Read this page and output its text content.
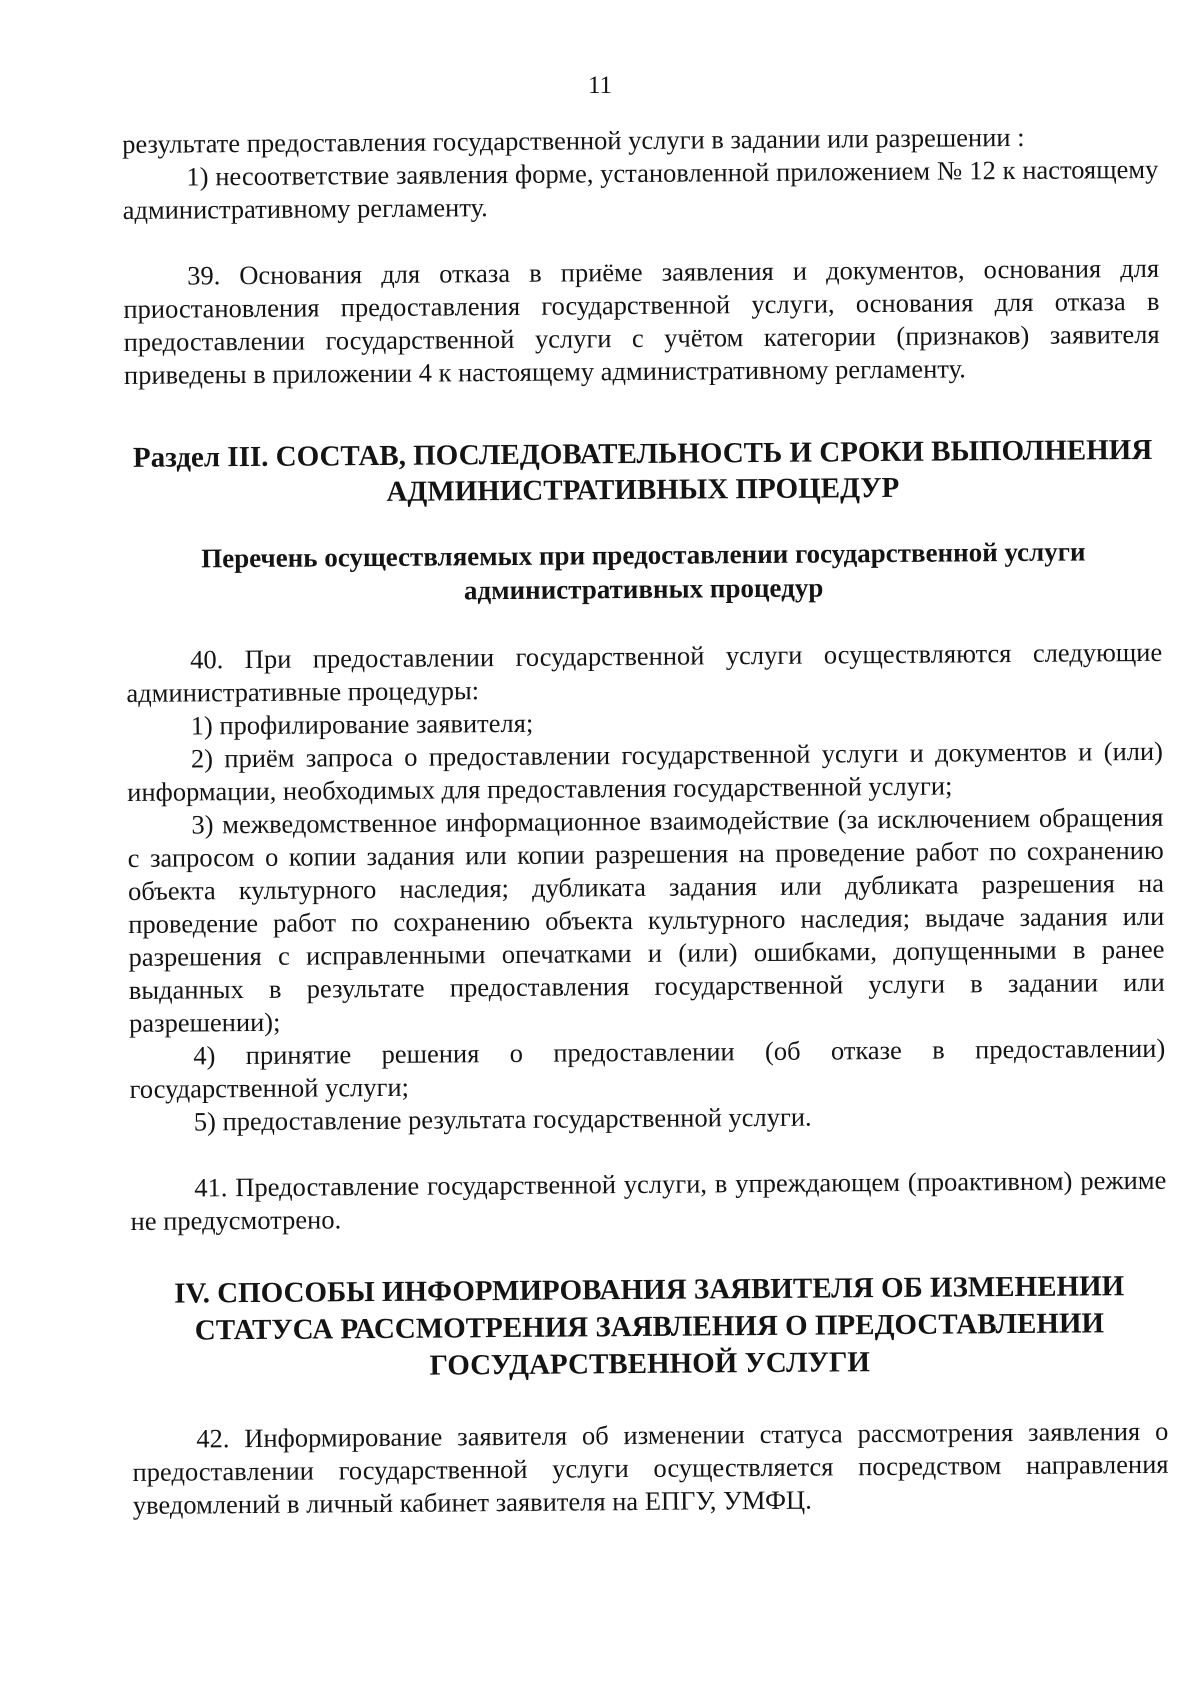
11

результате предоставления государственной услуги в задании или разрешении :

1) несоответствие заявления форме, установленной приложением № 12 к настоящему административному регламенту.

39. Основания для отказа в приёме заявления и документов, основания для приостановления предоставления государственной услуги, основания для отказа в предоставлении государственной услуги с учётом категории (признаков) заявителя приведены в приложении 4 к настоящему административному регламенту.

Раздел III. СОСТАВ, ПОСЛЕДОВАТЕЛЬНОСТЬ И СРОКИ ВЫПОЛНЕНИЯ
АДМИНИСТРАТИВНЫХ ПРОЦЕДУР

Перечень осуществляемых при предоставлении государственной услуги
административных процедур

40. При предоставлении государственной услуги осуществляются следующие административные процедуры:

1) профилирование заявителя;

2) приём запроса о предоставлении государственной услуги и документов и (или) информации, необходимых для предоставления государственной услуги;

3) межведомственное информационное взаимодействие (за исключением обращения с запросом о копии задания или копии разрешения на проведение работ по сохранению объекта культурного наследия; дубликата задания или дубликата разрешения на проведение работ по сохранению объекта культурного наследия; выдаче задания или разрешения с исправленными опечатками и (или) ошибками, допущенными в ранее выданных в результате предоставления государственной услуги в задании или разрешении);

4) принятие решения о предоставлении (об отказе в предоставлении) государственной услуги;

5) предоставление результата государственной услуги.

41. Предоставление государственной услуги, в упреждающем (проактивном) режиме не предусмотрено.

IV. СПОСОБЫ ИНФОРМИРОВАНИЯ ЗАЯВИТЕЛЯ ОБ ИЗМЕНЕНИИ
СТАТУСА РАССМОТРЕНИЯ ЗАЯВЛЕНИЯ О ПРЕДОСТАВЛЕНИИ
ГОСУДАРСТВЕННОЙ УСЛУГИ

42. Информирование заявителя об изменении статуса рассмотрения заявления о предоставлении государственной услуги осуществляется посредством направления уведомлений в личный кабинет заявителя на ЕПГУ, УМФЦ.
